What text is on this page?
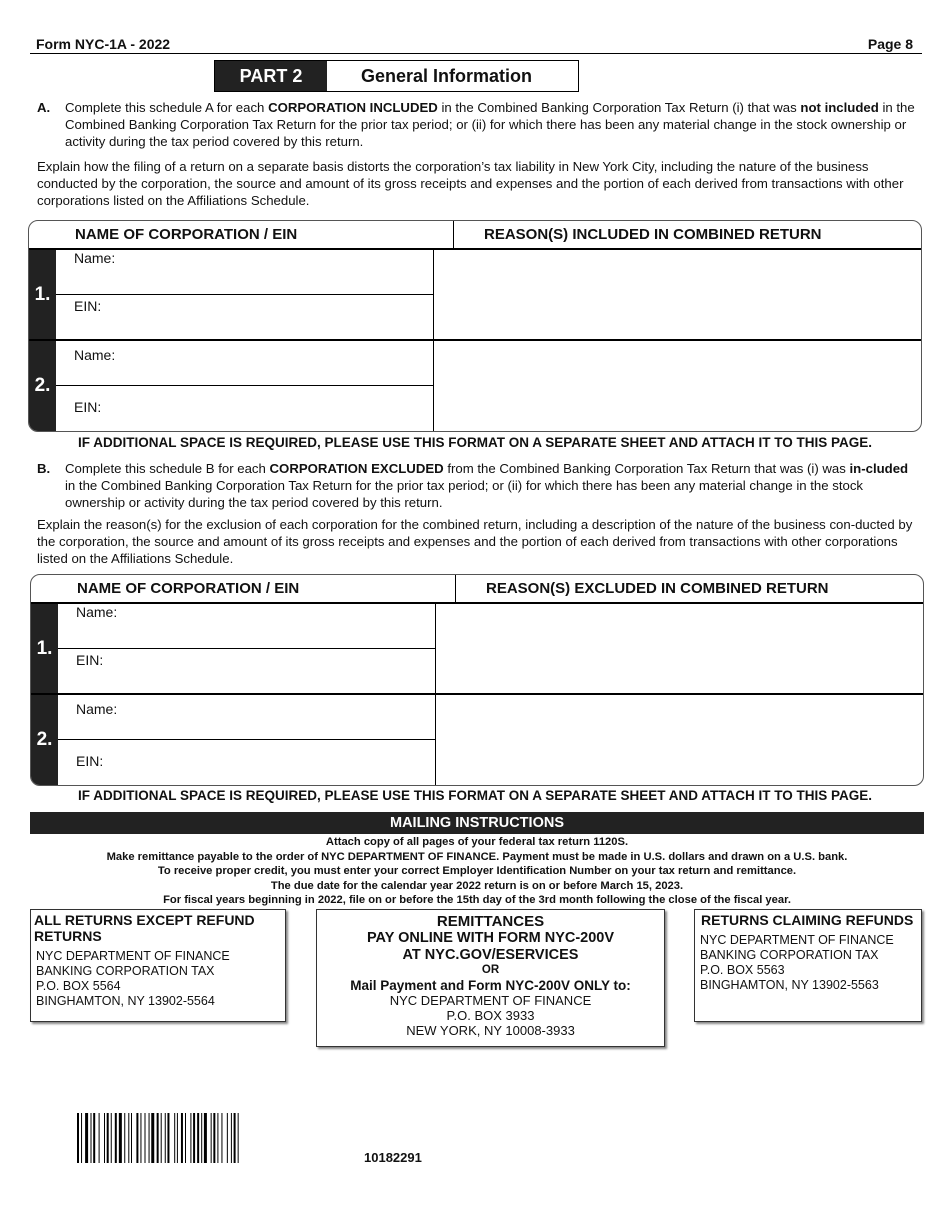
Form NYC-1A - 2022	Page 8
PART 2	General Information
A.	Complete this schedule A for each CORPORATION INCLUDED in the Combined Banking Corporation Tax Return (i) that was not included in the Combined Banking Corporation Tax Return for the prior tax period; or (ii) for which there has been any material change in the stock ownership or activity during the tax period covered by this return.
Explain how the filing of a return on a separate basis distorts the corporation’s tax liability in New York City, including the nature of the business conducted by the corporation, the source and amount of its gross receipts and expenses and the portion of each derived from transactions with other corporations listed on the Affiliations Schedule.
NAME OF CORPORATION / EIN	REASON(S) INCLUDED IN COMBINED RETURN
1.
Name:
EIN:
2.
Name:
EIN:
IF ADDITIONAL SPACE IS REQUIRED, PLEASE USE THIS FORMAT ON A SEPARATE SHEET AND ATTACH IT TO THIS PAGE.
B.	Complete this schedule B for each CORPORATION EXCLUDED from the Combined Banking Corporation Tax Return that was (i) was in-cluded in the Combined Banking Corporation Tax Return for the prior tax period; or (ii) for which there has been any material change in the stock ownership or activity during the tax period covered by this return.
Explain the reason(s) for the exclusion of each corporation for the combined return, including a description of the nature of the business con-ducted by the corporation, the source and amount of its gross receipts and expenses and the portion of each derived from transactions with other corporations listed on the Affiliations Schedule.
NAME OF CORPORATION / EIN	REASON(S) EXCLUDED IN COMBINED RETURN
1.
Name:
EIN:
2.
Name:
EIN:
IF ADDITIONAL SPACE IS REQUIRED, PLEASE USE THIS FORMAT ON A SEPARATE SHEET AND ATTACH IT TO THIS PAGE.
MAILING INSTRUCTIONS
Attach copy of all pages of your federal tax return 1120S.
Make remittance payable to the order of NYC DEPARTMENT OF FINANCE. Payment must be made in U.S. dollars and drawn on a U.S. bank.
To receive proper credit, you must enter your correct Employer Identification Number on your tax return and remittance.
The due date for the calendar year 2022 return is on or before March 15, 2023.
For fiscal years beginning in 2022, file on or before the 15th day of the 3rd month following the close of the fiscal year.
ALL RETURNS EXCEPT REFUND RETURNS
NYC DEPARTMENT OF FINANCE
BANKING CORPORATION TAX
P.O. BOX 5564
BINGHAMTON, NY 13902-5564
REMITTANCES
PAY ONLINE WITH FORM NYC-200V
AT NYC.GOV/ESERVICES
OR
Mail Payment and Form NYC-200V ONLY to:
NYC DEPARTMENT OF FINANCE
P.O. BOX 3933
NEW YORK, NY 10008-3933
RETURNS CLAIMING REFUNDS
NYC DEPARTMENT OF FINANCE
BANKING CORPORATION TAX
P.O. BOX 5563
BINGHAMTON, NY 13902-5563
10182291
